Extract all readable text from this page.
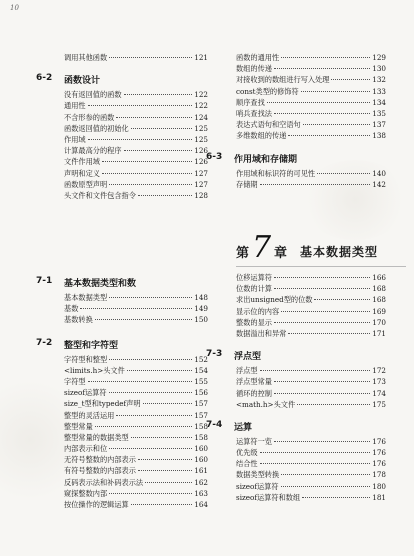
10
调用其他函数	121
6-2 函数设计
没有返回值的函数	122
通用性	122
不含形参的函数	124
函数返回值的初始化	125
作用域	125
计算最高分的程序	126
文件作用域	126
声明和定义	127
函数原型声明	127
头文件和文件包含指令	128
函数的通用性	129
数组的传递	130
对接收到的数组进行写入处理	132
const类型的修饰符	133
顺序查找	134
哨兵查找法	135
表达式语句和空语句	137
多维数组的传递	138
6-3 作用域和存储期
作用域和标识符的可见性	140
存储期	142
第 7 章 基本数据类型
7-1 基本数据类型和数
基本数据类型	148
基数	149
基数转换	150
7-2 整型和字符型
字符型和整型	152
<limits.h>头文件	154
字符型	155
sizeof运算符	156
size_t型和typedef声明	157
整型的灵活运用	157
整型常量	158
整型常量的数据类型	158
内部表示和位	160
无符号整数的内部表示	160
有符号整数的内部表示	161
反码表示法和补码表示法	162
窥探整数内部	163
按位操作的逻辑运算	164
位移运算符	166
位数的计算	168
求出unsigned型的位数	168
显示位的内容	169
整数的显示	170
数据溢出和异常	171
7-3 浮点型
浮点型	172
浮点型常量	173
循环的控制	174
<math.h>头文件	175
7-4 运算
运算符一览	176
优先级	176
结合性	176
数据类型转换	178
sizeof运算符	180
sizeof运算符和数组	181
